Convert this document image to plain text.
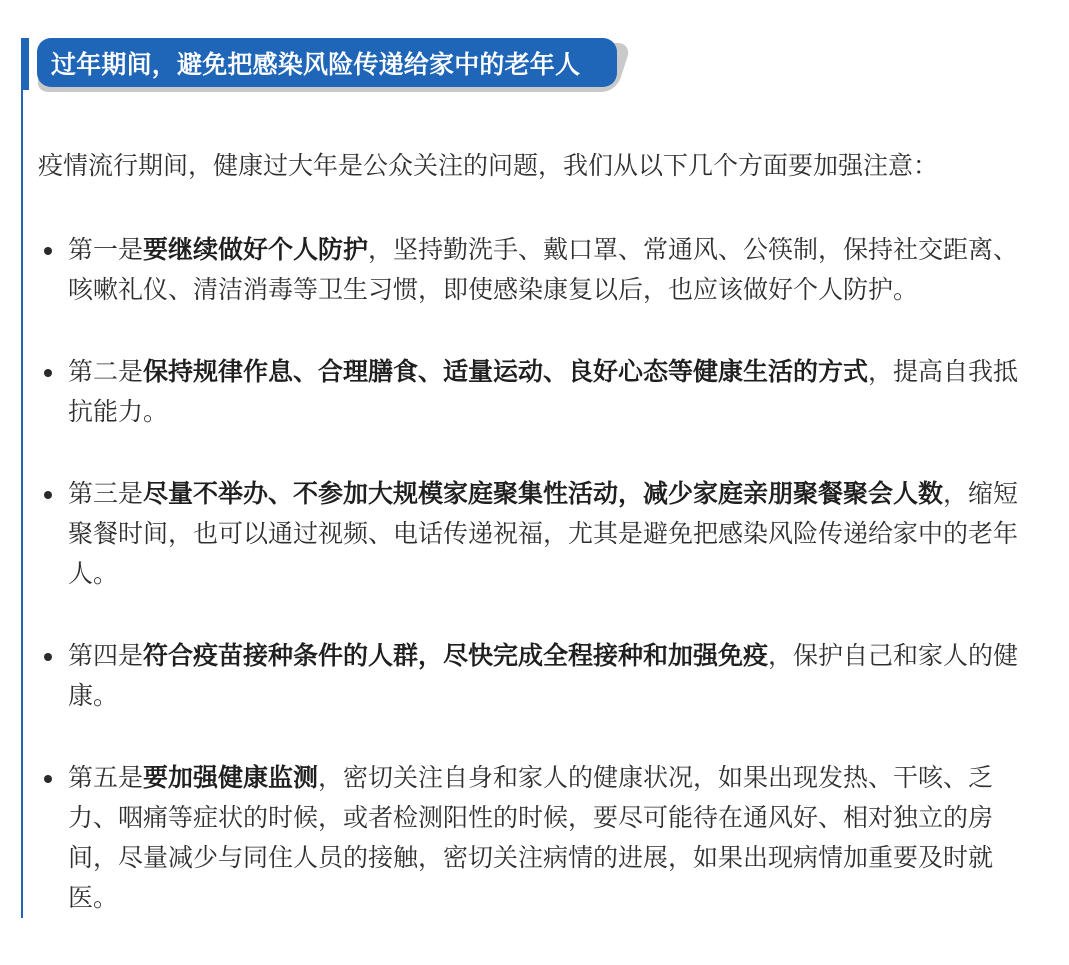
过年期间，避免把感染风险传递给家中的老年人
疫情流行期间，健康过大年是公众关注的问题，我们从以下几个方面要加强注意：
第一是要继续做好个人防护，坚持勤洗手、戴口罩、常通风、公筷制，保持社交距离、咳嗽礼仪、清洁消毒等卫生习惯，即使感染康复以后，也应该做好个人防护。
第二是保持规律作息、合理膳食、适量运动、良好心态等健康生活的方式，提高自我抵抗能力。
第三是尽量不举办、不参加大规模家庭聚集性活动，减少家庭亲朋聚餐聚会人数，缩短聚餐时间，也可以通过视频、电话传递祝福，尤其是避免把感染风险传递给家中的老年人。
第四是符合疫苗接种条件的人群，尽快完成全程接种和加强免疫，保护自己和家人的健康。
第五是要加强健康监测，密切关注自身和家人的健康状况，如果出现发热、干咳、乏力、咽痛等症状的时候，或者检测阳性的时候，要尽可能待在通风好、相对独立的房间，尽量减少与同住人员的接触，密切关注病情的进展，如果出现病情加重要及时就医。
